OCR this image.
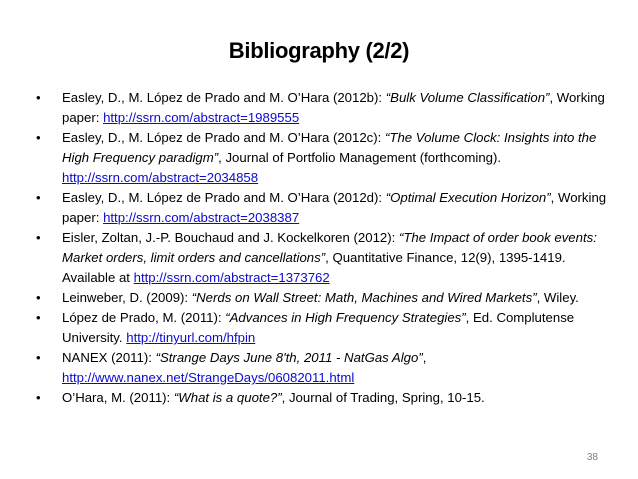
Bibliography (2/2)
•	Easley, D., M. López de Prado and M. O’Hara (2012b): “Bulk Volume Classification”, Working paper: http://ssrn.com/abstract=1989555
•	Easley, D., M. López de Prado and M. O’Hara (2012c): “The Volume Clock: Insights into the High Frequency paradigm”, Journal of Portfolio Management (forthcoming). http://ssrn.com/abstract=2034858
•	Easley, D., M. López de Prado and M. O’Hara (2012d): “Optimal Execution Horizon”, Working paper: http://ssrn.com/abstract=2038387
•	Eisler, Zoltan, J.-P. Bouchaud and J. Kockelkoren (2012): “The Impact of order book events: Market orders, limit orders and cancellations”, Quantitative Finance, 12(9), 1395-1419. Available at http://ssrn.com/abstract=1373762
•	Leinweber, D. (2009): “Nerds on Wall Street: Math, Machines and Wired Markets”, Wiley.
•	López de Prado, M. (2011): “Advances in High Frequency Strategies”, Ed. Complutense University. http://tinyurl.com/hfpin
•	NANEX (2011): “Strange Days June 8'th, 2011 - NatGas Algo”, http://www.nanex.net/StrangeDays/06082011.html
•	O’Hara, M. (2011): “What is a quote?”, Journal of Trading, Spring, 10-15.
38
